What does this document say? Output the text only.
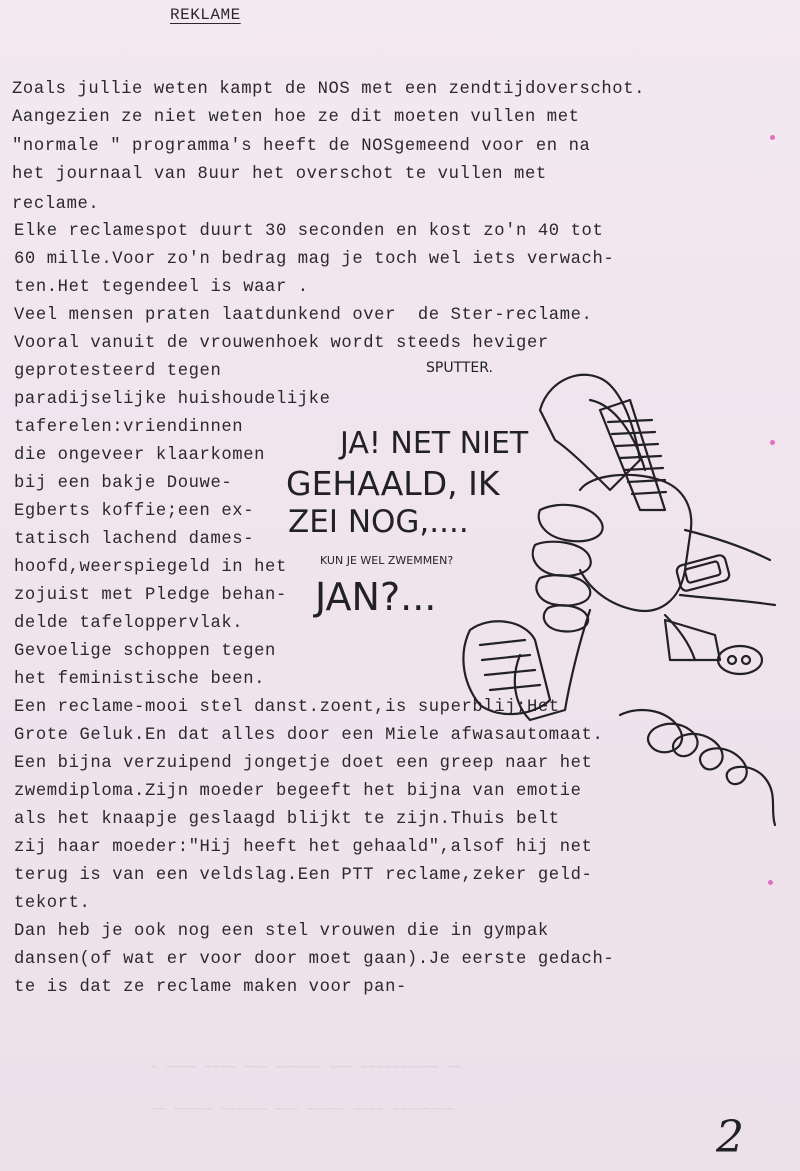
REKLAME
Zoals jullie weten kampt de NOS met een zendtijdoverschot.
Aangezien ze niet weten hoe ze dit moeten vullen met
"normale " programma's heeft de NOSgemeend voor en na
het journaal van 8uur het overschot te vullen met
reclame.
Elke reclamespot duurt 30 seconden en kost zo'n 40 tot
60 mille.Voor zo'n bedrag mag je toch wel iets verwach-
ten.Het tegendeel is waar .
Veel mensen praten laatdunkend over  de Ster-reclame.
Vooral vanuit de vrouwenhoek wordt steeds heviger
geprotesteerd tegen
paradijselijke huishoudelijke
taferelen:vriendinnen
die ongeveer klaarkomen
bij een bakje Douwe-
Egberts koffie;een ex-
tatisch lachend dames-
hoofd,weerspiegeld in het
zojuist met Pledge behan-
delde tafeloppervlak.
Gevoelige schoppen tegen
het feministische been.
Een reclame-mooi stel danst.zoent,is superblij;Het
Grote Geluk.En dat alles door een Miele afwasautomaat.
Een bijna verzuipend jongetje doet een greep naar het
zwemdiploma.Zijn moeder begeeft het bijna van emotie
als het knaapje geslaagd blijkt te zijn.Thuis belt
zij haar moeder:"Hij heeft het gehaald",alsof hij net
terug is van een veldslag.Een PTT reclame,zeker geld-
tekort.
Dan heb je ook nog een stel vrouwen die in gympak
dansen(of wat er voor door moet gaan).Je eerste gedach-
te is dat ze reclame maken voor pan-
~ ~~~~ ~~~~ ~~~ ~~~~~~ ~~~ ~~~~~~~~~~ ~~
~~ ~~~~~ ~~~~~~ ~~~ ~~~~~ ~~~~ ~~~~~~~~
SPUTTER.
JA! NET NIET
GEHAALD, IK
ZEI NOG,....
KUN JE WEL ZWEMMEN?
JAN?...
2
